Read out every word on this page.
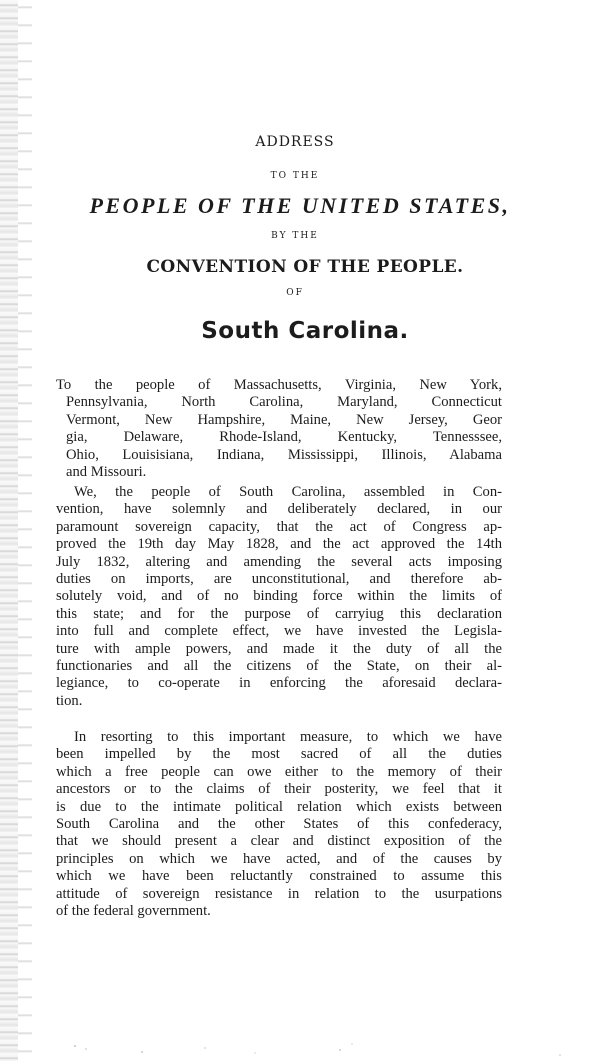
ADDRESS
TO THE
PEOPLE OF THE UNITED STATES,
BY THE
CONVENTION OF THE PEOPLE.
OF
South Carolina.
To the people of Massachusetts, Virginia, New York,
Pennsylvania, North Carolina, Maryland, Connecticut
Vermont, New Hampshire, Maine, New Jersey, Geor
gia, Delaware, Rhode-Island, Kentucky, Tennesssee,
Ohio, Louisisiana, Indiana, Mississippi, Illinois, Alabama
and Missouri.
We, the people of South Carolina, assembled in Con-
vention, have solemnly and deliberately declared, in our
paramount sovereign capacity, that the act of Congress ap-
proved the 19th day May 1828, and the act approved the 14th
July 1832, altering and amending the several acts imposing
duties on imports, are unconstitutional, and therefore ab-
solutely void, and of no binding force within the limits of
this state; and for the purpose of carryiug this declaration
into full and complete effect, we have invested the Legisla-
ture with ample powers, and made it the duty of all the
functionaries and all the citizens of the State, on their al-
legiance, to co-operate in enforcing the aforesaid declara-
tion.
In resorting to this important measure, to which we have
been impelled by the most sacred of all the duties
which a free people can owe either to the memory of their
ancestors or to the claims of their posterity, we feel that it
is due to the intimate political relation which exists between
South Carolina and the other States of this confederacy,
that we should present a clear and distinct exposition of the
principles on which we have acted, and of the causes by
which we have been reluctantly constrained to assume this
attitude of sovereign resistance in relation to the usurpations
of the federal government.
